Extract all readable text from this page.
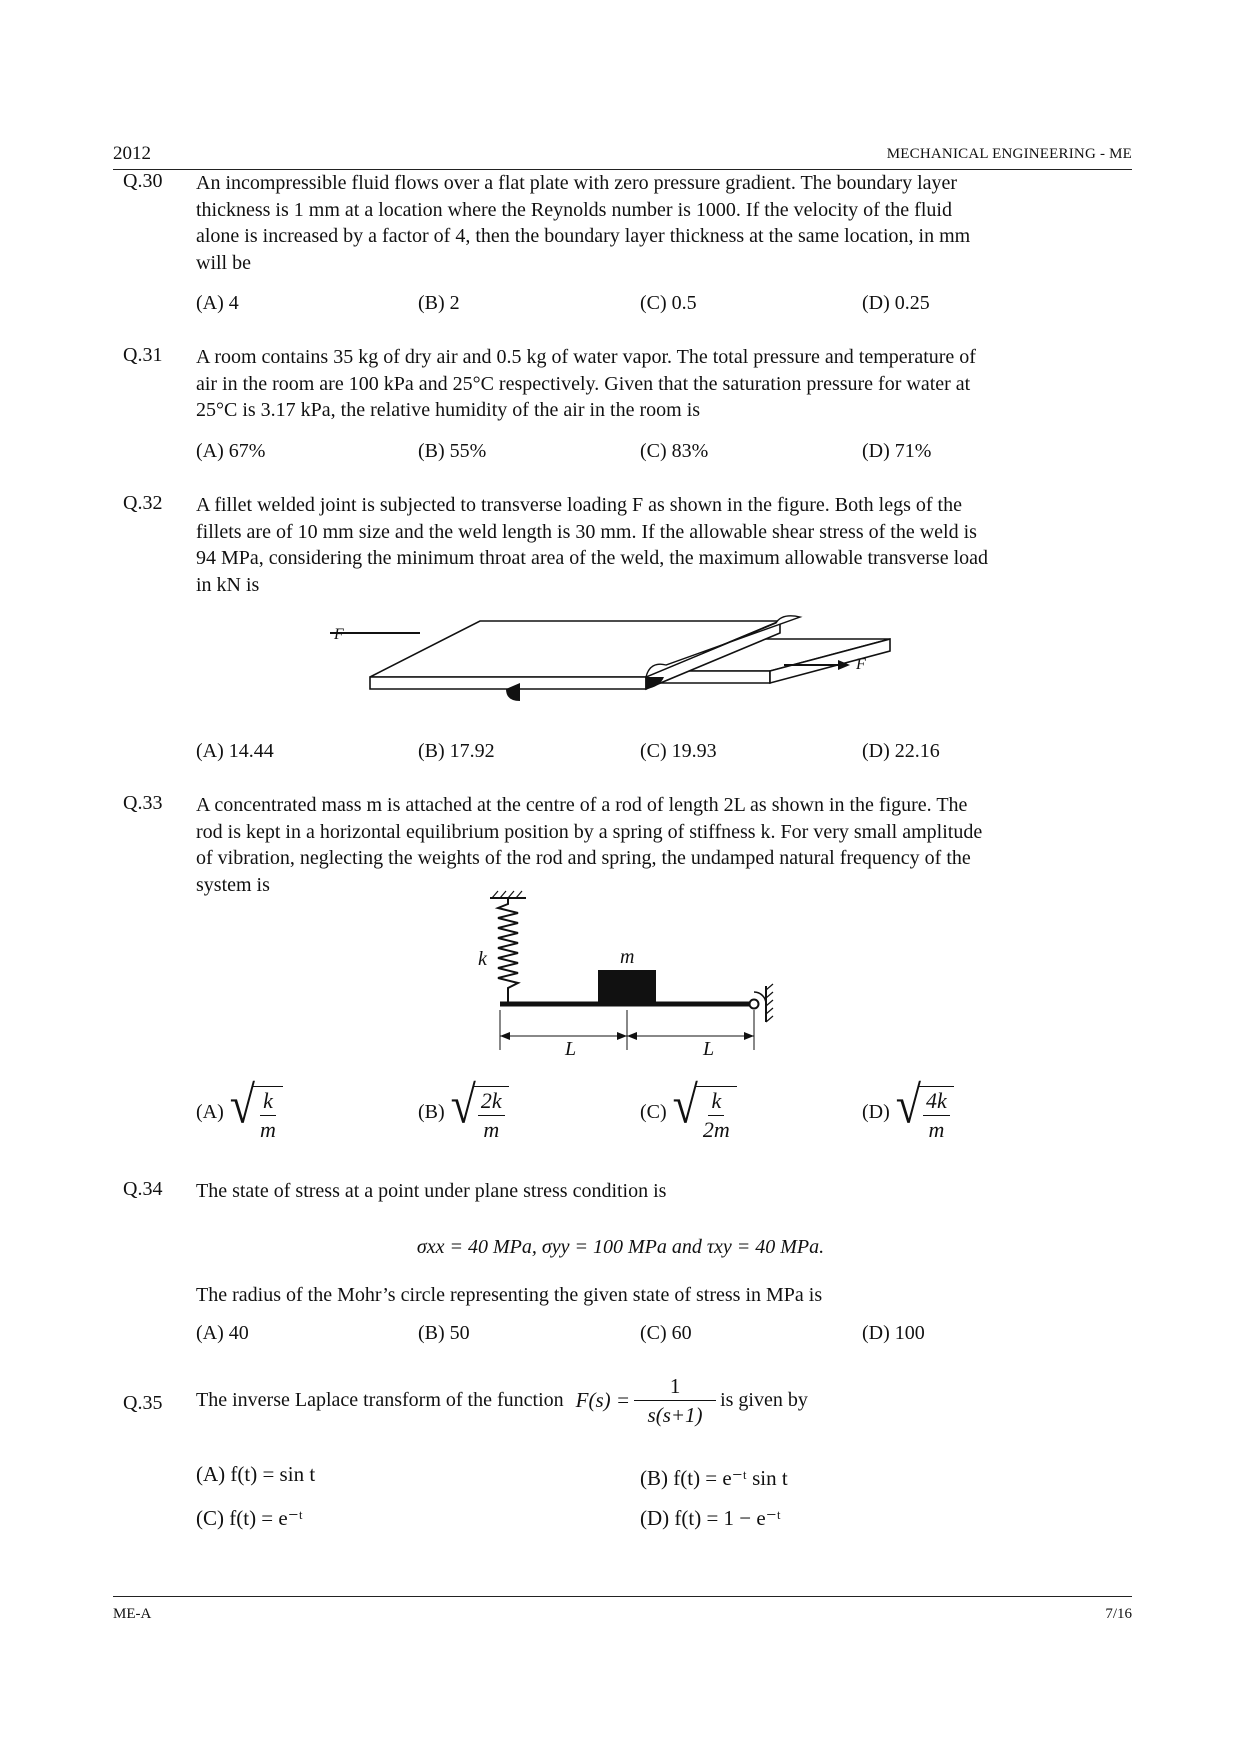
2012	MECHANICAL ENGINEERING - ME
Q.30 An incompressible fluid flows over a flat plate with zero pressure gradient. The boundary layer
thickness is 1 mm at a location where the Reynolds number is 1000. If the velocity of the fluid
alone is increased by a factor of 4, then the boundary layer thickness at the same location, in mm
will be
(A) 4	(B) 2	(C) 0.5	(D) 0.25
Q.31 A room contains 35 kg of dry air and 0.5 kg of water vapor. The total pressure and temperature of
air in the room are 100 kPa and 25°C respectively. Given that the saturation pressure for water at
25°C is 3.17 kPa, the relative humidity of the air in the room is
(A) 67%	(B) 55%	(C) 83%	(D) 71%
Q.32 A fillet welded joint is subjected to transverse loading F as shown in the figure. Both legs of the
fillets are of 10 mm size and the weld length is 30 mm. If the allowable shear stress of the weld is
94 MPa, considering the minimum throat area of the weld, the maximum allowable transverse load
in kN is
F
F
(A) 14.44	(B) 17.92	(C) 19.93	(D) 22.16
Q.33 A concentrated mass m is attached at the centre of a rod of length 2L as shown in the figure. The
rod is kept in a horizontal equilibrium position by a spring of stiffness k. For very small amplitude
of vibration, neglecting the weights of the rod and spring, the undamped natural frequency of the
system is
k	m
L	L
(A) √
$\frac{k}{m}$	(B) √
$\frac{2k}{m}$	(C) √
$\frac{k}{2m}$	(D) √
$\frac{4k}{m}$
Q.34 The state of stress at a point under plane stress condition is
σxx = 40 MPa, σyy = 100 MPa and τxy = 40 MPa.
The radius of the Mohr’s circle representing the given state of stress in MPa is
(A) 40	(B) 50	(C) 60	(D) 100
Q.35 The inverse Laplace transform of the function $F(s) = \frac{1}{s(s+1)}$ is given by
(A) f(t) = sin t	(B) f(t) = e⁻ᵗ sin t
(C) f(t) = e⁻ᵗ	(D) f(t) = 1 − e⁻ᵗ
ME-A	7/16
